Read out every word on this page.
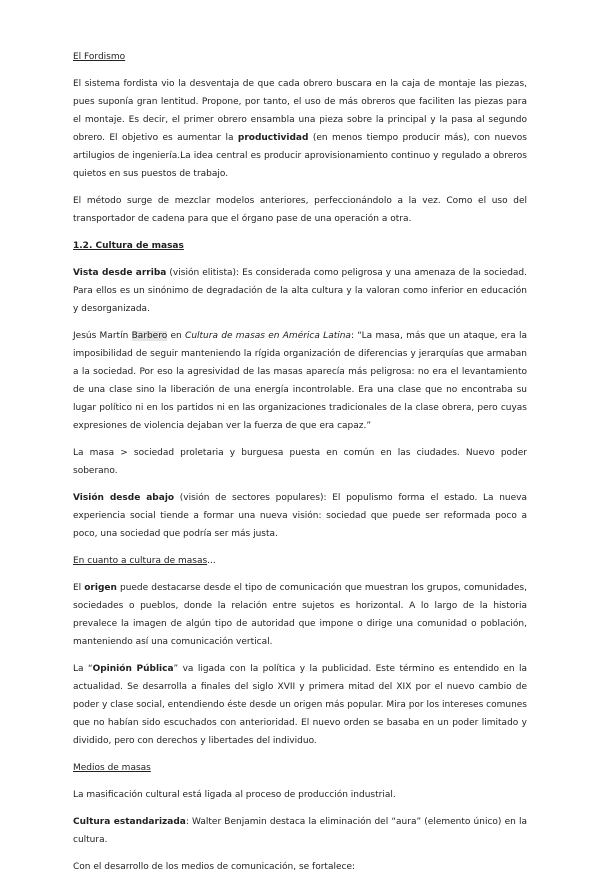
El Fordismo

El sistema fordista vio la desventaja de que cada obrero buscara en la caja de montaje las piezas, pues suponía gran lentitud. Propone, por tanto, el uso de más obreros que faciliten las piezas para el montaje. Es decir, el primer obrero ensambla una pieza sobre la principal y la pasa al segundo obrero. El objetivo es aumentar la productividad (en menos tiempo producir más), con nuevos artilugios de ingeniería.La idea central es producir aprovisionamiento continuo y regulado a obreros quietos en sus puestos de trabajo.

El método surge de mezclar modelos anteriores, perfeccionándolo a la vez. Como el uso del transportador de cadena para que el órgano pase de una operación a otra.

1.2. Cultura de masas

Vista desde arriba (visión elitista): Es considerada como peligrosa y una amenaza de la sociedad. Para ellos es un sinónimo de degradación de la alta cultura y la valoran como inferior en educación y desorganizada.

Jesús Martín Barbero en Cultura de masas en América Latina: “La masa, más que un ataque, era la imposibilidad de seguir manteniendo la rígida organización de diferencias y jerarquías que armaban a la sociedad. Por eso la agresividad de las masas aparecía más peligrosa: no era el levantamiento de una clase sino la liberación de una energía incontrolable. Era una clase que no encontraba su lugar político ni en los partidos ni en las organizaciones tradicionales de la clase obrera, pero cuyas expresiones de violencia dejaban ver la fuerza de que era capaz.”

La masa > sociedad proletaria y burguesa puesta en común en las ciudades. Nuevo poder soberano.

Visión desde abajo (visión de sectores populares): El populismo forma el estado. La nueva experiencia social tiende a formar una nueva visión: sociedad que puede ser reformada poco a poco, una sociedad que podría ser más justa.

En cuanto a cultura de masas...

El origen puede destacarse desde el tipo de comunicación que muestran los grupos, comunidades, sociedades o pueblos, donde la relación entre sujetos es horizontal. A lo largo de la historia prevalece la imagen de algún tipo de autoridad que impone o dirige una comunidad o población, manteniendo así una comunicación vertical.

La “Opinión Pública” va ligada con la política y la publicidad. Este término es entendido en la actualidad. Se desarrolla a finales del siglo XVII y primera mitad del XIX por el nuevo cambio de poder y clase social, entendiendo éste desde un origen más popular. Mira por los intereses comunes que no habían sido escuchados con anterioridad. El nuevo orden se basaba en un poder limitado y dividido, pero con derechos y libertades del individuo.

Medios de masas

La masificación cultural está ligada al proceso de producción industrial.

Cultura estandarizada: Walter Benjamin destaca la eliminación del “aura” (elemento único) en la cultura.

Con el desarrollo de los medios de comunicación, se fortalece:
